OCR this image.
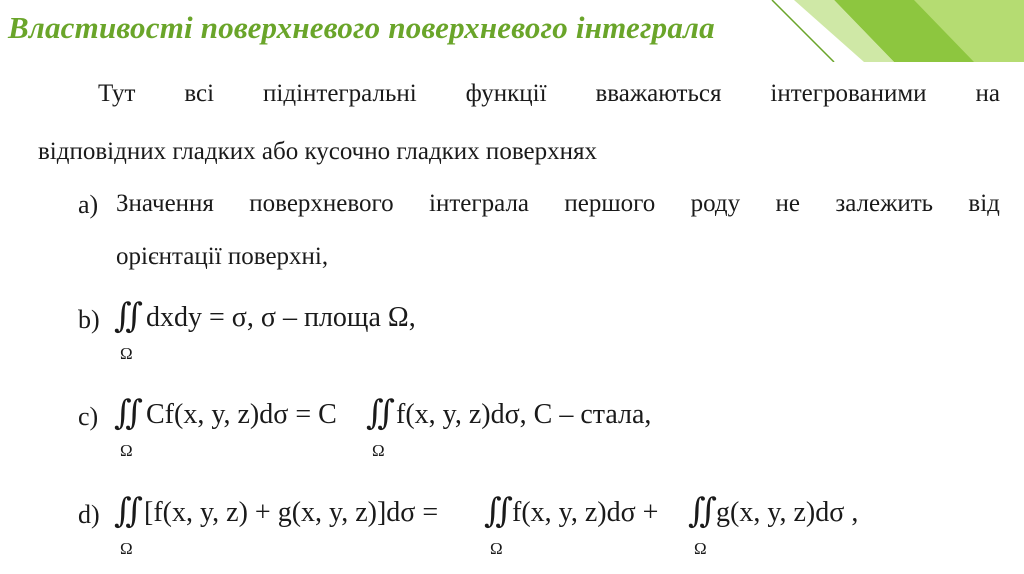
Властивості поверхневого поверхневого інтеграла
Тут всі підінтегральні функції вважаються інтегрованими на
відповідних гладких або кусочно гладких поверхнях
a) Значення поверхневого інтеграла першого роду не залежить від
орієнтації поверхні,
b) ∬
Ω
dxdy = σ, σ – площа Ω,
c) ∬
Ω
Cf(x, y, z)dσ = C ∬
Ω
f(x, y, z)dσ, C – стала,
d) ∬
Ω
[f(x, y, z) + g(x, y, z)]dσ = ∬
Ω
f(x, y, z)dσ + ∬
Ω
g(x, y, z)dσ ,
